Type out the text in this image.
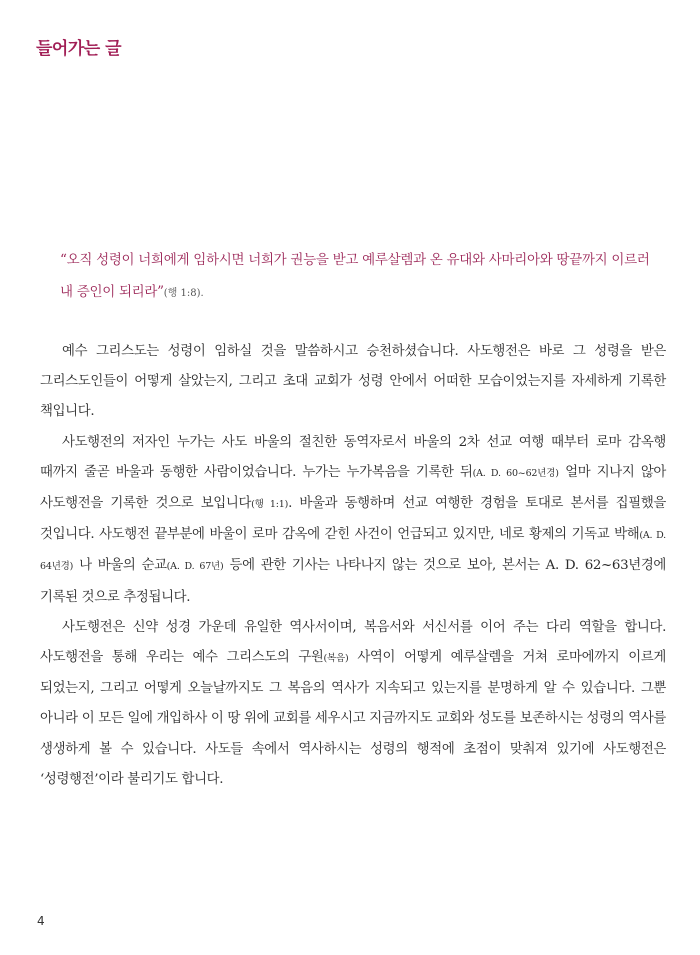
들어가는 글
“오직 성령이 너희에게 임하시면 너희가 권능을 받고 예루살렘과 온 유대와 사마리아와 땅끝까지 이르러 내 증인이 되리라”(행 1:8).

예수 그리스도는 성령이 임하실 것을 말씀하시고 승천하셨습니다. 사도행전은 바로 그 성령을 받은 그리스도인들이 어떻게 살았는지, 그리고 초대 교회가 성령 안에서 어떠한 모습이었는지를 자세하게 기록한 책입니다.

사도행전의 저자인 누가는 사도 바울의 절친한 동역자로서 바울의 2차 선교 여행 때부터 로마 감옥행 때까지 줄곧 바울과 동행한 사람이었습니다. 누가는 누가복음을 기록한 뒤(A. D. 60~62년경) 얼마 지나지 않아 사도행전을 기록한 것으로 보입니다(행 1:1). 바울과 동행하며 선교 여행한 경험을 토대로 본서를 집필했을 것입니다. 사도행전 끝부분에 바울이 로마 감옥에 갇힌 사건이 언급되고 있지만, 네로 황제의 기독교 박해(A. D. 64년경) 나 바울의 순교(A. D. 67년) 등에 관한 기사는 나타나지 않는 것으로 보아, 본서는 A. D. 62~63년경에 기록된 것으로 추정됩니다.

사도행전은 신약 성경 가운데 유일한 역사서이며, 복음서와 서신서를 이어 주는 다리 역할을 합니다. 사도행전을 통해 우리는 예수 그리스도의 구원(복음) 사역이 어떻게 예루살렘을 거쳐 로마에까지 이르게 되었는지, 그리고 어떻게 오늘날까지도 그 복음의 역사가 지속되고 있는지를 분명하게 알 수 있습니다. 그뿐 아니라 이 모든 일에 개입하사 이 땅 위에 교회를 세우시고 지금까지도 교회와 성도를 보존하시는 성령의 역사를 생생하게 볼 수 있습니다. 사도들 속에서 역사하시는 성령의 행적에 초점이 맞춰져 있기에 사도행전은 ‘성령행전’이라 불리기도 합니다.

4
